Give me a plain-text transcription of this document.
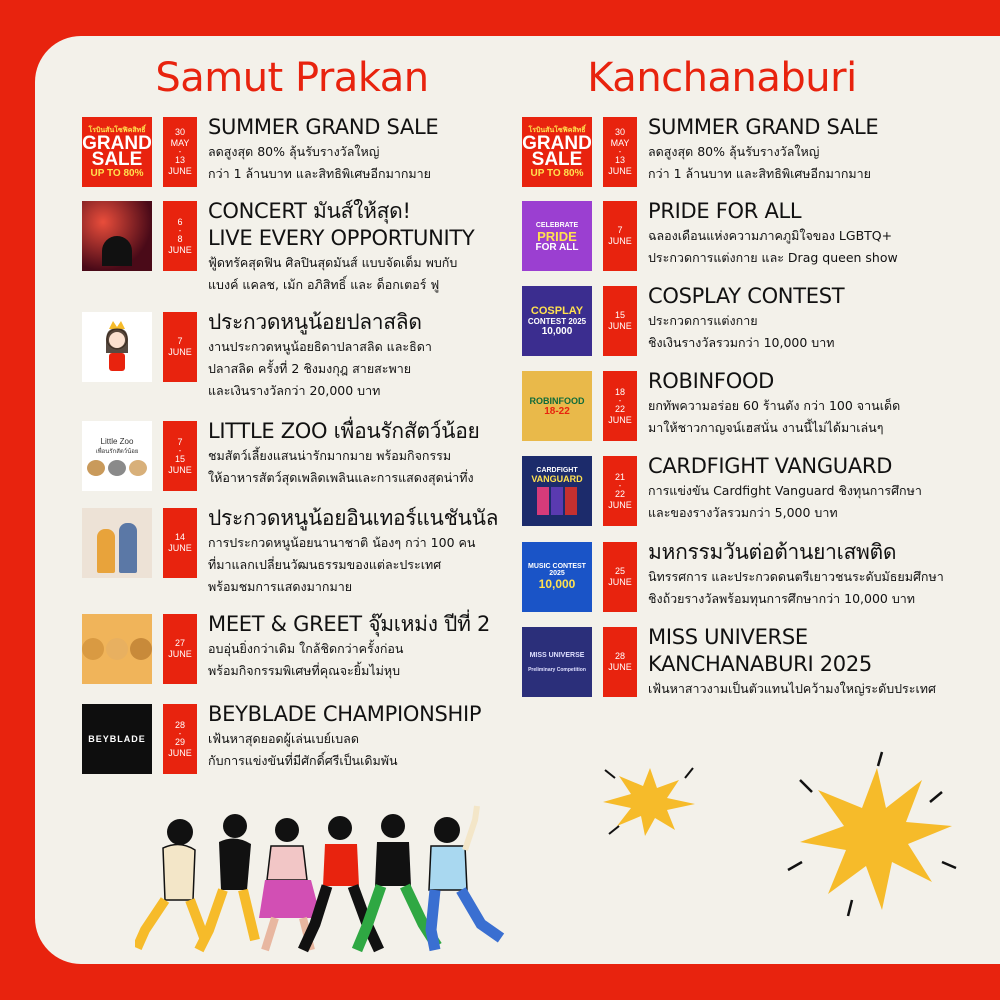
Samut Prakan
โรบินสันโซฟิคสิทธิ์
GRAND
SALE
UP TO 80%
30
MAY
-
13
JUNE
SUMMER GRAND SALE
ลดสูงสุด 80% ลุ้นรับรางวัลใหญ่
กว่า 1 ล้านบาท และสิทธิพิเศษอีกมากมาย
6
-
8
JUNE
CONCERT มันส์ให้สุด!
LIVE EVERY OPPORTUNITY
ฟู้ดทรัคสุดฟิน ศิลปินสุดมันส์ แบบจัดเต็ม พบกับ
แบงค์ แคลช, เม้ก อภิสิทธิ์ และ ด็อกเตอร์ ฟู
7
JUNE
ประกวดหนูน้อยปลาสลิด
งานประกวดหนูน้อยธิดาปลาสลิด และธิดา
ปลาสลิด ครั้งที่ 2 ชิงมงกุฎ สายสะพาย
และเงินรางวัลกว่า 20,000 บาท
Little Zoo
เพื่อนรักสัตว์น้อย
7
-
15
JUNE
LITTLE ZOO เพื่อนรักสัตว์น้อย
ชมสัตว์เลี้ยงแสนน่ารักมากมาย พร้อมกิจกรรม
ให้อาหารสัตว์สุดเพลิดเพลินและการแสดงสุดน่าทึ่ง
14
JUNE
ประกวดหนูน้อยอินเทอร์แนชันนัล
การประกวดหนูน้อยนานาชาติ น้องๆ กว่า 100 คน
ที่มาแลกเปลี่ยนวัฒนธรรมของแต่ละประเทศ
พร้อมชมการแสดงมากมาย
27
JUNE
MEET & GREET จุ๊มเหม่ง ปีที่ 2
อบอุ่นยิ่งกว่าเดิม ใกล้ชิดกว่าครั้งก่อน
พร้อมกิจกรรมพิเศษที่คุณจะยิ้มไม่หุบ
BEYBLADE
28
-
29
JUNE
BEYBLADE CHAMPIONSHIP
เฟ้นหาสุดยอดผู้เล่นเบย์เบลด
กับการแข่งขันที่มีศักดิ์ศรีเป็นเดิมพัน
Kanchanaburi
โรบินสันโซฟิคสิทธิ์
GRAND
SALE
UP TO 80%
30
MAY
-
13
JUNE
SUMMER GRAND SALE
ลดสูงสุด 80% ลุ้นรับรางวัลใหญ่
กว่า 1 ล้านบาท และสิทธิพิเศษอีกมากมาย
CELEBRATE
PRIDE
FOR ALL
7
JUNE
PRIDE FOR ALL
ฉลองเดือนแห่งความภาคภูมิใจของ LGBTQ+
ประกวดการแต่งกาย และ Drag queen show
COSPLAY
CONTEST 2025
10,000
15
JUNE
COSPLAY CONTEST
ประกวดการแต่งกาย
ชิงเงินรางวัลรวมกว่า 10,000 บาท
ROBINFOOD
18-22
18
-
22
JUNE
ROBINFOOD
ยกทัพความอร่อย 60 ร้านดัง กว่า 100 จานเด็ด
มาให้ชาวกาญจน์เฮสนั่น งานนี้ไม่ได้มาเล่นๆ
CARDFIGHT
VANGUARD	21
-
22
JUNE
CARDFIGHT VANGUARD
การแข่งขัน Cardfight Vanguard ชิงทุนการศึกษา
และของรางวัลรวมกว่า 5,000 บาท
MUSIC CONTEST 2025
10,000
25
JUNE
มหกรรมวันต่อต้านยาเสพติด
นิทรรศการ และประกวดดนตรีเยาวชนระดับมัธยมศึกษา
ชิงถ้วยรางวัลพร้อมทุนการศึกษากว่า 10,000 บาท
MISS UNIVERSE
Preliminary Competition
28
JUNE
MISS UNIVERSE
KANCHANABURI 2025
เฟ้นหาสาวงามเป็นตัวแทนไปคว้ามงใหญ่ระดับประเทศ
